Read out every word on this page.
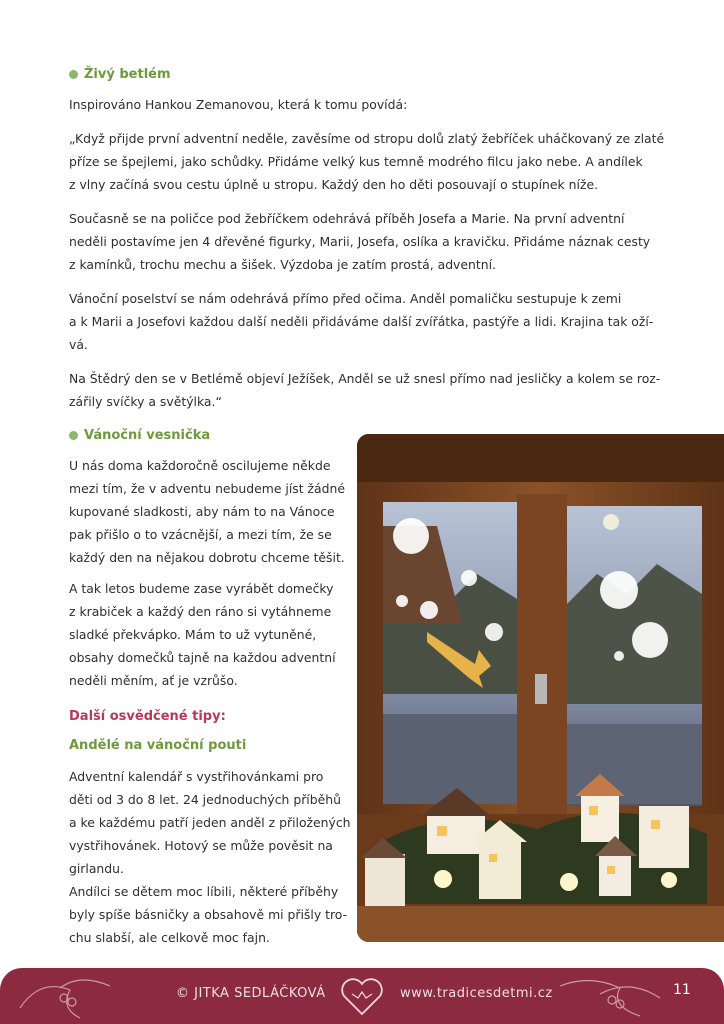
Živý betlém

Inspirováno Hankou Zemanovou, která k tomu povídá:

„Když přijde první adventní neděle, zavěsíme od stropu dolů zlatý žebříček uháčkovaný ze zlaté
příze se špejlemi, jako schůdky. Přidáme velký kus temně modrého filcu jako nebe. A andílek
z vlny začíná svou cestu úplně u stropu. Každý den ho děti posouvají o stupínek níže.

Současně se na poličce pod žebříčkem odehrává příběh Josefa a Marie. Na první adventní
neděli postavíme jen 4 dřevěné figurky, Marii, Josefa, oslíka a kravičku. Přidáme náznak cesty
z kamínků, trochu mechu a šišek. Výzdoba je zatím prostá, adventní.

Vánoční poselství se nám odehrává přímo před očima. Anděl pomaličku sestupuje k zemi
a k Marii a Josefovi každou další neděli přidáváme další zvířátka, pastýře a lidi. Krajina tak oží-
vá.

Na Štědrý den se v Betlémě objeví Ježíšek, Anděl se už snesl přímo nad jesličky a kolem se roz-
zářily svíčky a světýlka.“

Vánoční vesnička

U nás doma každoročně oscilujeme někde
mezi tím, že v adventu nebudeme jíst žádné
kupované sladkosti, aby nám to na Vánoce
pak přišlo o to vzácnější, a mezi tím, že se
každý den na nějakou dobrotu chceme těšit.

A tak letos budeme zase vyrábět domečky
z krabiček a každý den ráno si vytáhneme
sladké překvápko. Mám to už vytuněné,
obsahy domečků tajně na každou adventní
neděli měním, ať je vzrůšo.

Další osvědčené tipy:
Andělé na vánoční pouti

Adventní kalendář s vystřihovánkami pro
děti od 3 do 8 let. 24 jednoduchých příběhů
a ke každému patří jeden anděl z přiložených
vystřihovánek. Hotový se může pověsit na
girlandu.

Andílci se dětem moc líbili, některé příběhy
byly spíše básničky a obsahově mi přišly tro-
chu slabší, ale celkově moc fajn.

© JITKA SEDLÁČKOVÁ	www.tradicesdetmi.cz	11
